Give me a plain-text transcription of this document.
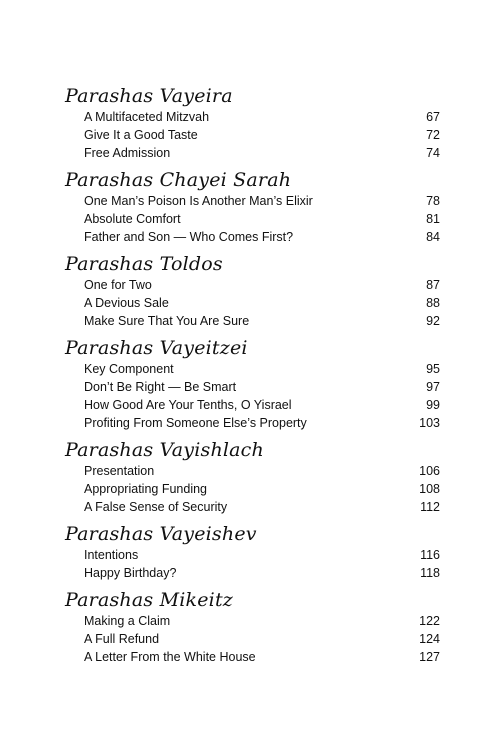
Parashas Vayeira
A Multifaceted Mitzvah	67
Give It a Good Taste	72
Free Admission	74
Parashas Chayei Sarah
One Man’s Poison Is Another Man’s Elixir	78
Absolute Comfort	81
Father and Son — Who Comes First?	84
Parashas Toldos
One for Two	87
A Devious Sale	88
Make Sure That You Are Sure	92
Parashas Vayeitzei
Key Component	95
Don’t Be Right — Be Smart	97
How Good Are Your Tenths, O Yisrael	99
Profiting From Someone Else’s Property	103
Parashas Vayishlach
Presentation	106
Appropriating Funding	108
A False Sense of Security	112
Parashas Vayeishev
Intentions	116
Happy Birthday?	118
Parashas Mikeitz
Making a Claim	122
A Full Refund	124
A Letter From the White House	127
